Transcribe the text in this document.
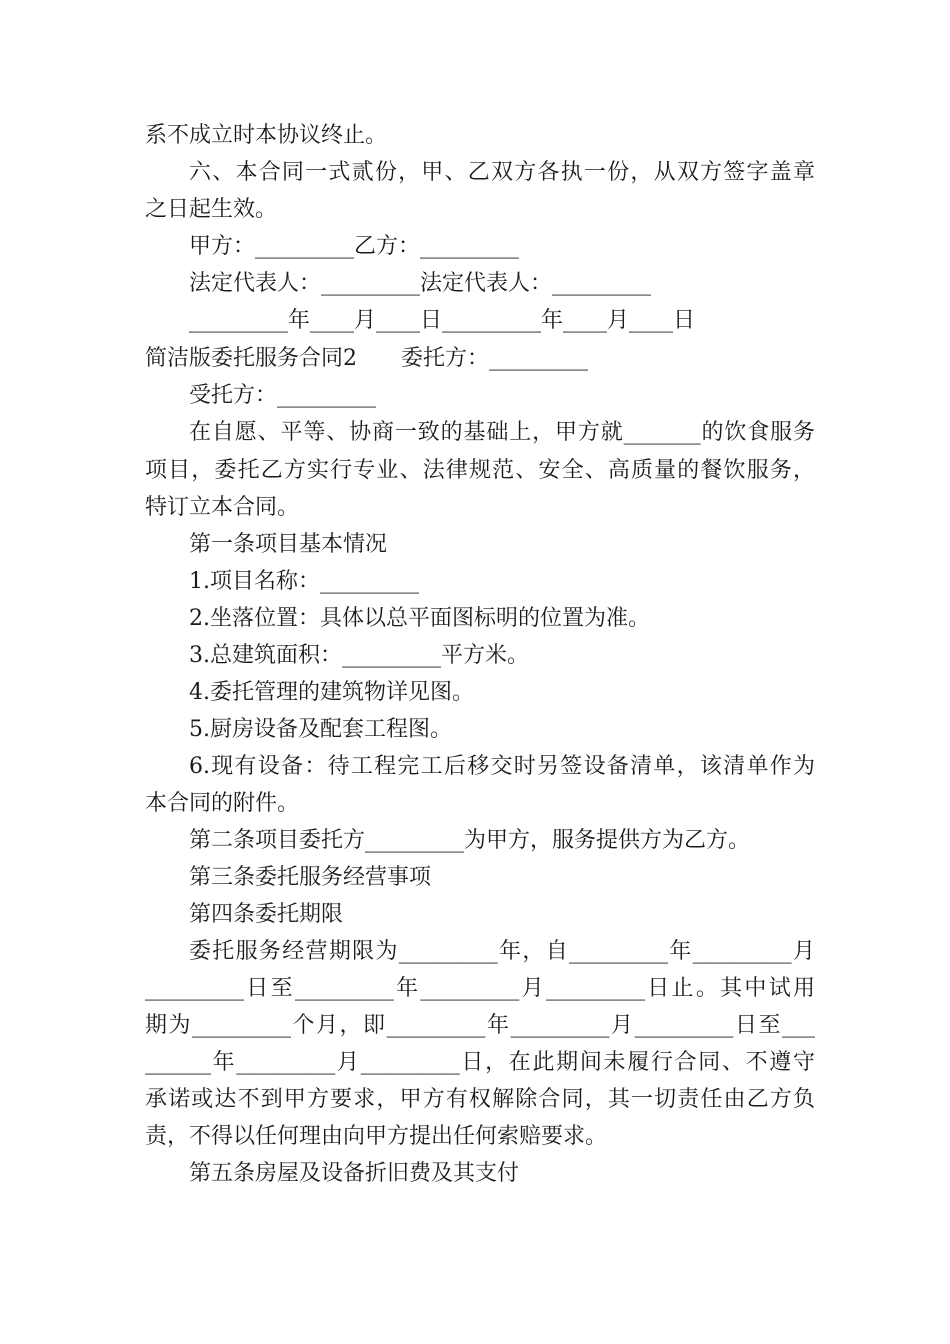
系不成立时本协议终止。
六、本合同一式贰份，甲、乙双方各执一份，从双方签字盖章
之日起生效。
甲方：_________乙方：_________
法定代表人：_________法定代表人：_________
_________年____月____日_________年____月____日
简洁版委托服务合同2　　委托方：_________
受托方：_________
在自愿、平等、协商一致的基础上，甲方就_______的饮食服务
项目，委托乙方实行专业、法律规范、安全、高质量的餐饮服务，
特订立本合同。
第一条项目基本情况
1.项目名称：_________
2.坐落位置：具体以总平面图标明的位置为准。
3.总建筑面积：_________平方米。
4.委托管理的建筑物详见图。
5.厨房设备及配套工程图。
6.现有设备：待工程完工后移交时另签设备清单，该清单作为
本合同的附件。
第二条项目委托方_________为甲方，服务提供方为乙方。
第三条委托服务经营事项
第四条委托期限
委托服务经营期限为_________年，自_________年_________月
_________日至_________年_________月_________日止。其中试用
期为_________个月，即_________年_________月_________日至___
______年_________月_________日，在此期间未履行合同、不遵守
承诺或达不到甲方要求，甲方有权解除合同，其一切责任由乙方负
责，不得以任何理由向甲方提出任何索赔要求。
第五条房屋及设备折旧费及其支付
